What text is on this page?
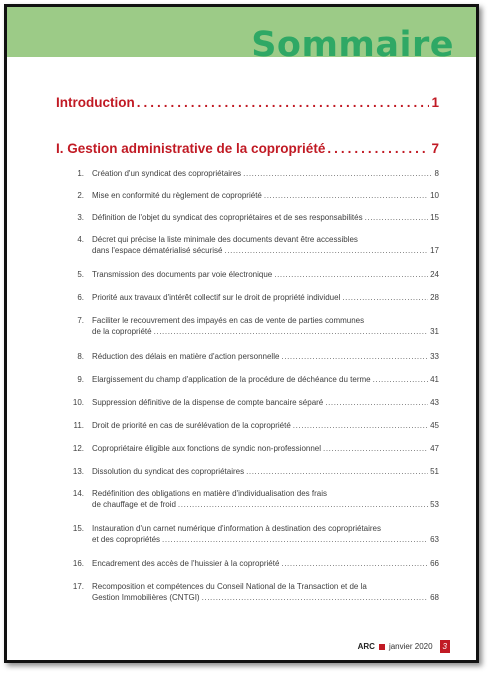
Sommaire
Introduction .....	1
I. Gestion administrative de la copropriété .....	7
1. Création d'un syndicat des copropriétaires .....	8
2. Mise en conformité du règlement de copropriété .....	10
3. Définition de l'objet du syndicat des copropriétaires et de ses responsabilités .....	15
4. Décret qui précise la liste minimale des documents devant être accessibles
dans l'espace dématérialisé sécurisé .....	17
5. Transmission des documents par voie électronique .....	24
6. Priorité aux travaux d'intérêt collectif sur le droit de propriété individuel .....	28
7. Faciliter le recouvrement des impayés en cas de vente de parties communes
de la copropriété .....	31
8. Réduction des délais en matière d'action personnelle .....	33
9. Elargissement du champ d'application de la procédure de déchéance du terme .....	41
10. Suppression définitive de la dispense de compte bancaire séparé .....	43
11. Droit de priorité en cas de surélévation de la copropriété .....	45
12. Copropriétaire éligible aux fonctions de syndic non-professionnel .....	47
13. Dissolution du syndicat des copropriétaires .....	51
14. Redéfinition des obligations en matière d'individualisation des frais
de chauffage et de froid .....	53
15. Instauration d'un carnet numérique d'information à destination des copropriétaires
et des copropriétés .....	63
16. Encadrement des accès de l'huissier à la copropriété .....	66
17. Recomposition et compétences du Conseil National de la Transaction et de la
Gestion Immobilières (CNTGI) .....	68
ARC janvier 2020	3
